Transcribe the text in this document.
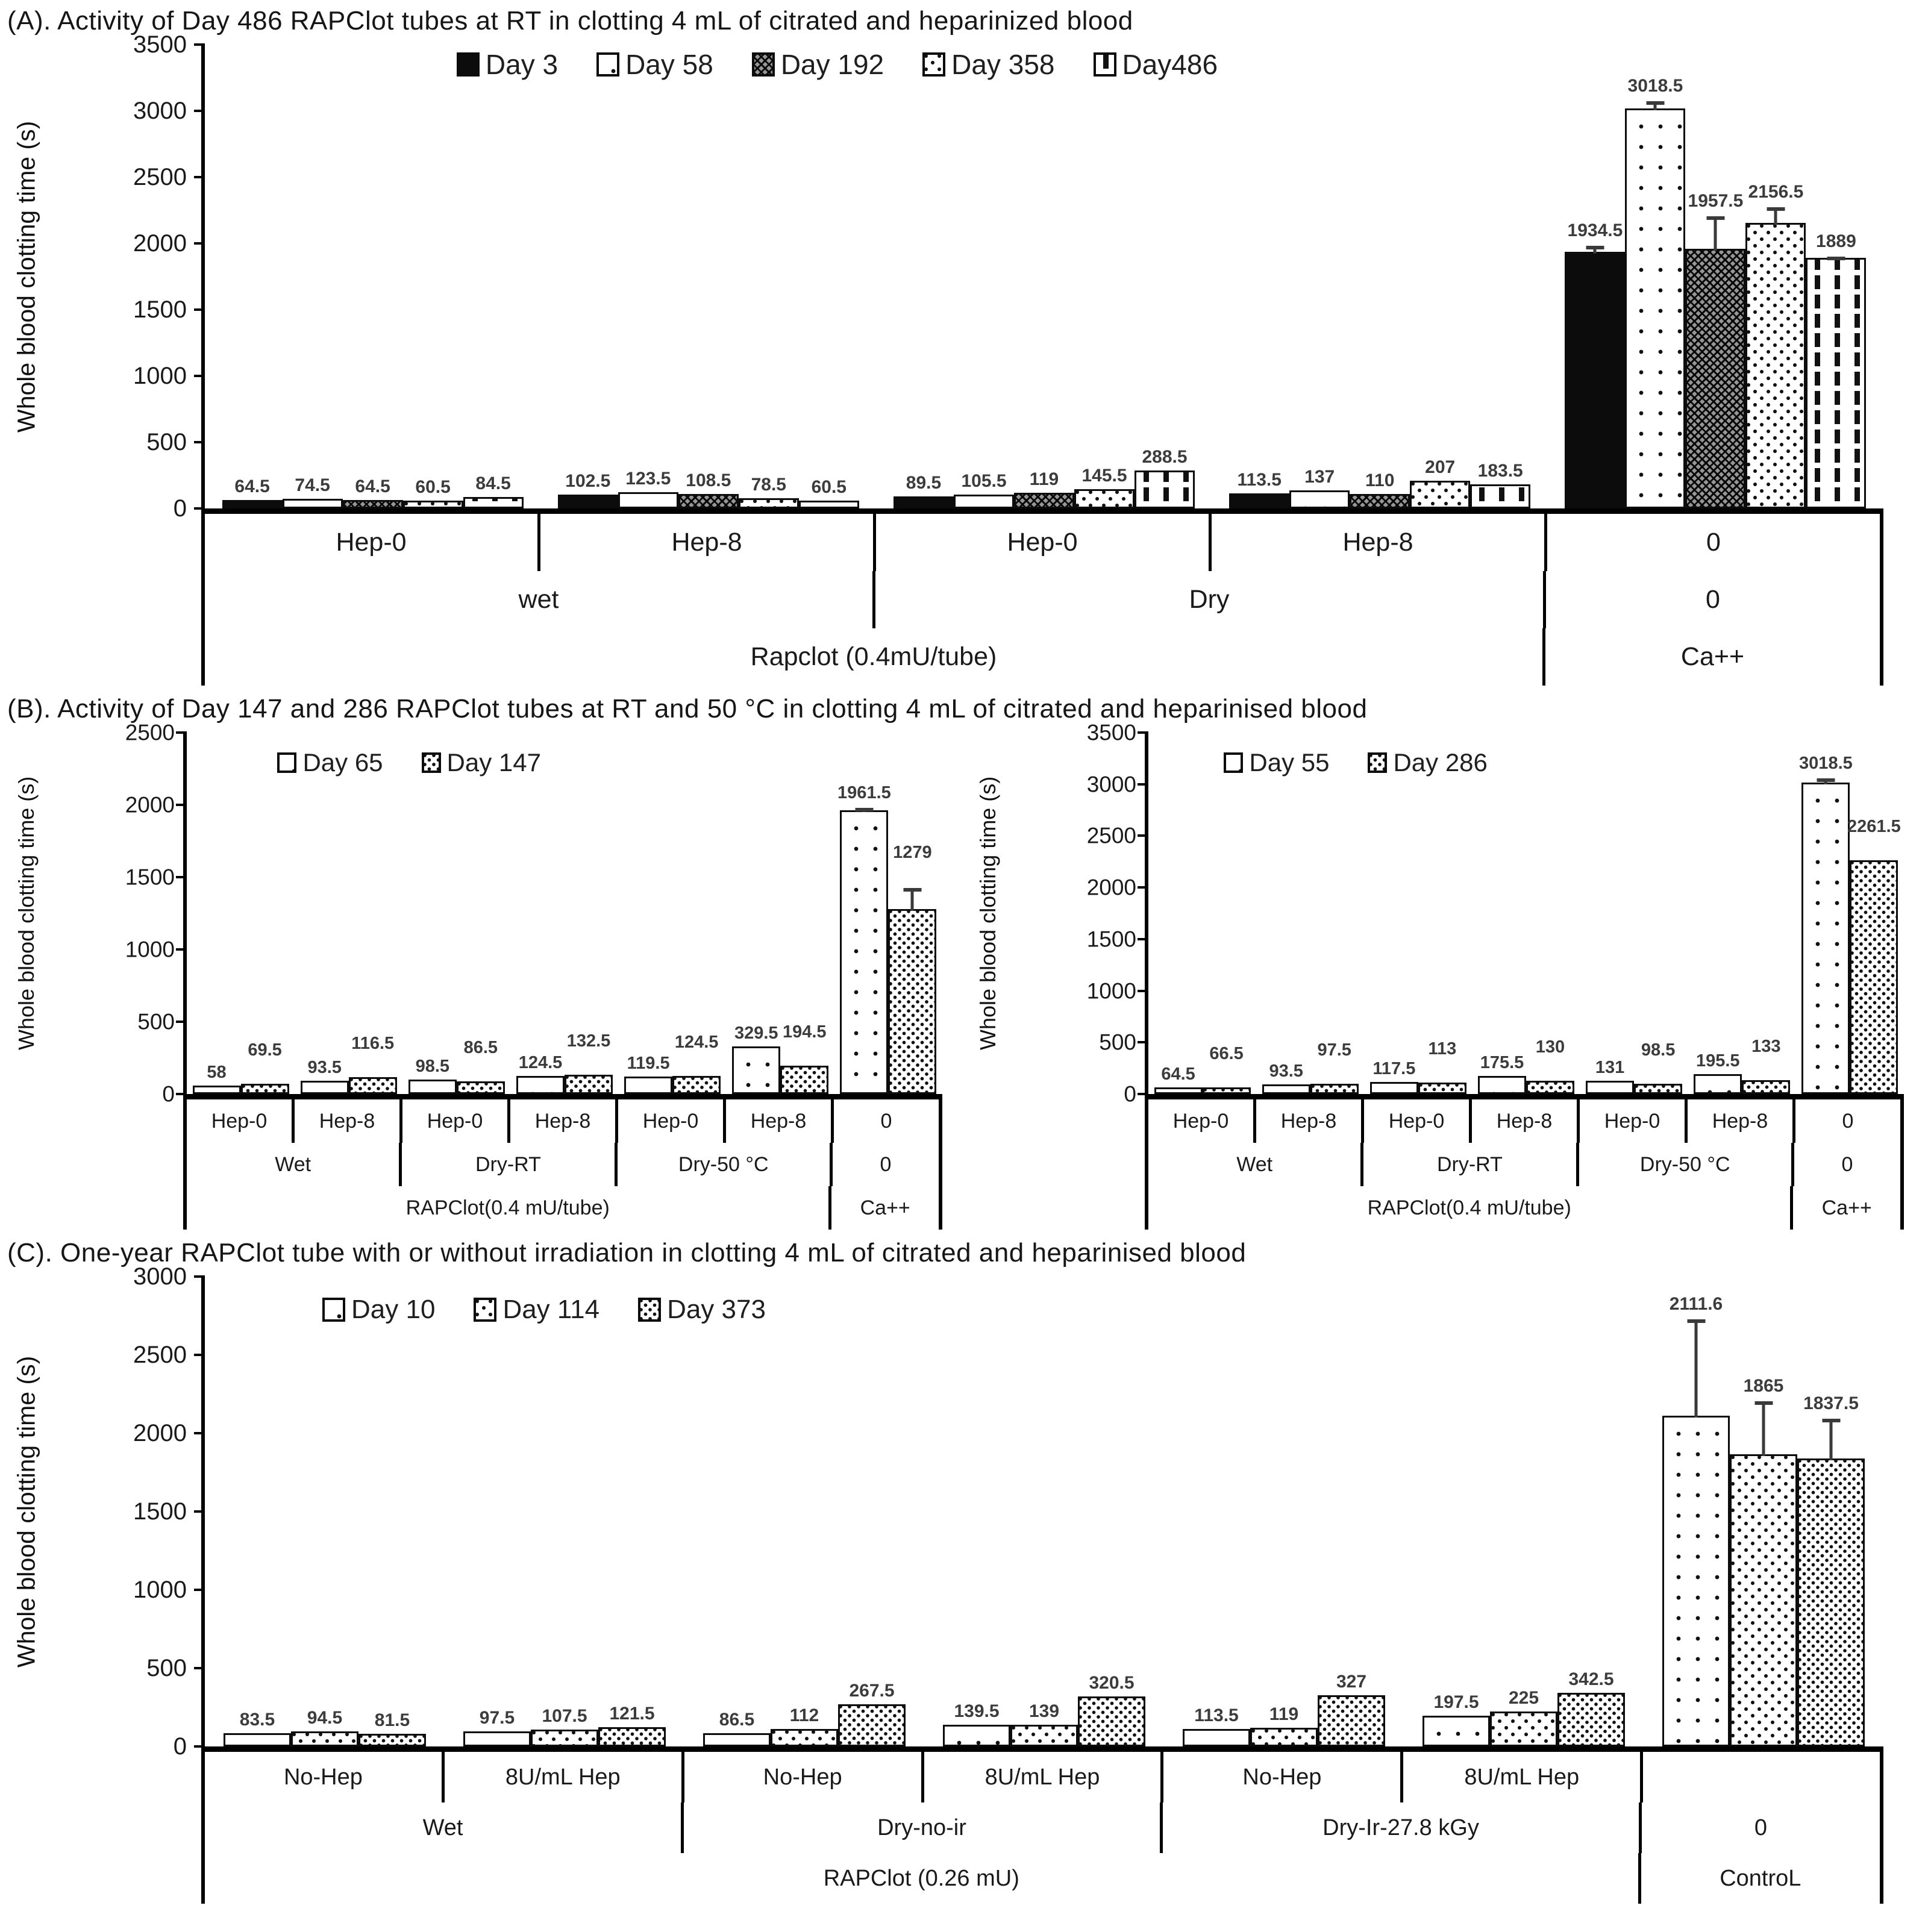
(A). Activity of Day 486 RAPClot tubes at RT in clotting 4 mL of citrated and heparinized blood
0
500
1000
1500
2000
2500
3000
3500
Whole blood clotting time (s)
Day 3 Day 58 Day 192 Day 358 Day486
64.5 74.5 64.5 60.5 84.5	102.5 123.5 108.5 78.5 60.5	89.5 105.5 119 145.5
288.5
113.5 137 110
207 183.5
1934.5
3018.5
1957.5 2156.5
1889
Hep-0	Hep-8	Hep-0	Hep-8	0
wet	Dry	0
Rapclot (0.4mU/tube)	Ca++
(B). Activity of Day 147 and 286 RAPClot tubes at RT and 50 °C in clotting 4 mL of citrated and heparinised blood
0
500
1000
1500
2000
2500
Whole blood clotting time (s)
Day 65	Day 147
58
69.5
93.5
116.5
98.5
86.5
124.5
132.5
119.5
124.5 329.5 194.5
1961.5
1279
Hep-0	Hep-8	Hep-0	Hep-8	Hep-0	Hep-8	0
Wet	Dry-RT	Dry-50 °C	0
RAPClot(0.4 mU/tube)	Ca++
0
500
1000
1500
2000
2500
3000
3500
Whole blood clotting time (s)
Day 55	Day 286
64.5
66.5
93.5
97.5
117.5
113
175.5
130
131
98.5
195.5
133
3018.5
2261.5
Hep-0	Hep-8	Hep-0	Hep-8	Hep-0	Hep-8	0
Wet	Dry-RT	Dry-50 °C	0
RAPClot(0.4 mU/tube)	Ca++
(C). One-year RAPClot tube with or without irradiation in clotting 4 mL of citrated and heparinised blood
0
500
1000
1500
2000
2500
3000
Whole blood clotting time (s)
Day 10	Day 114	Day 373
83.5 94.5 81.5	97.5 107.5 121.5	86.5 112
267.5
139.5 139
320.5
113.5 119
327
197.5 225
342.5
2111.6
1865
1837.5
No-Hep	8U/mL Hep	No-Hep	8U/mL Hep	No-Hep	8U/mL Hep
Wet	Dry-no-ir	Dry-Ir-27.8 kGy	0
RAPClot (0.26 mU)	ControL
